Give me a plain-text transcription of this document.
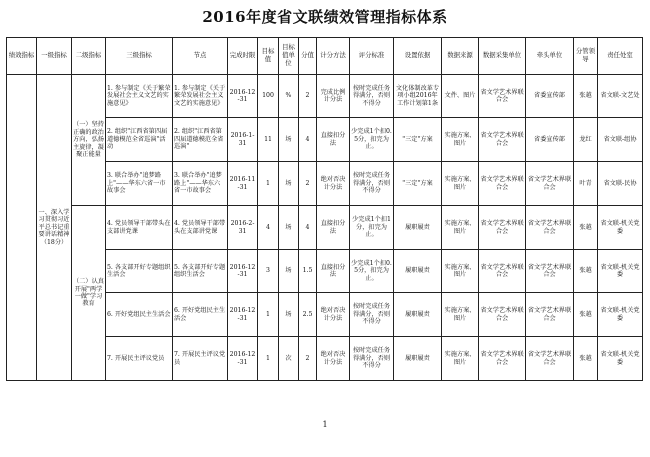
2016年度省文联绩效管理指标体系
绩效指标	一级指标	二级指标	三级指标	节点	完成时限	目标值	目标值单位	分值	计分方法	评分标准	设置依据	数据来源	数据采集单位	牵头单位	分管领导	责任处室
	一、深入学习贯彻习近平总书记重要讲话精神（18分）	（一）坚持正确的政治方向，弘扬主旋律，凝聚正能量	1. 参与制定《关于繁荣发展社会主义文艺的实施意见》	1. 参与制定《关于繁荣发展社会主义文艺的实施意见》	2016-12-31	100	%	2	完成比例计分法	按时完成任务得满分，否则不得分	文化体制改革专项小组2016年工作计划第1条	文件、图片	省文学艺术界联合会	省委宣传部	张越	省文联-文艺处
			2. 组织"江西省第四届道德模范全省巡演"活动	2. 组织"江西省第四届道德模范全省巡演"	2016-1-31	11	场	4	直接扣分法	少完成1个扣0.5分，扣完为止。	"三定"方案	实施方案、图片	省文学艺术界联合会	省委宣传部	龙红	省文联-组协
			3. 联合举办"追梦路上"——华东六省一市故事会	3. 联合举办"追梦路上"——华东六省一市故事会	2016-11-31	1	场	2	绝对否决计分法	按时完成任务得满分，否则不得分	"三定"方案	实施方案、图片	省文学艺术界联合会	省文学艺术界联合会	叶青	省文联-民协
		（二）认真开展"两学一做"学习教育	4. 党员领导干部带头在支部讲党课	4. 党员领导干部带头在支部讲党课	2016-2-31	4	场	4	直接扣分法	少完成1个扣1分，扣完为止。	履职履责	实施方案、图片	省文学艺术界联合会	省文学艺术界联合会	张越	省文联-机关党委
			5. 各支部开好专题组织生活会	5. 各支部开好专题组织生活会	2016-12-31	3	场	1.5	直接扣分法	少完成1个扣0.5分，扣完为止。	履职履责	实施方案、图片	省文学艺术界联合会	省文学艺术界联合会	张越	省文联-机关党委
			6. 开好党组民主生活会	6. 开好党组民主生活会	2016-12-31	1	场	2.5	绝对否决计分法	按时完成任务得满分，否则不得分	履职履责	实施方案、图片	省文学艺术界联合会	省文学艺术界联合会	张越	省文联-机关党委
			7. 开展民主评议党员	7. 开展民主评议党员	2016-12-31	1	次	2	绝对否决计分法	按时完成任务得满分，否则不得分	履职履责	实施方案、图片	省文学艺术界联合会	省文学艺术界联合会	张越	省文联-机关党委
1
